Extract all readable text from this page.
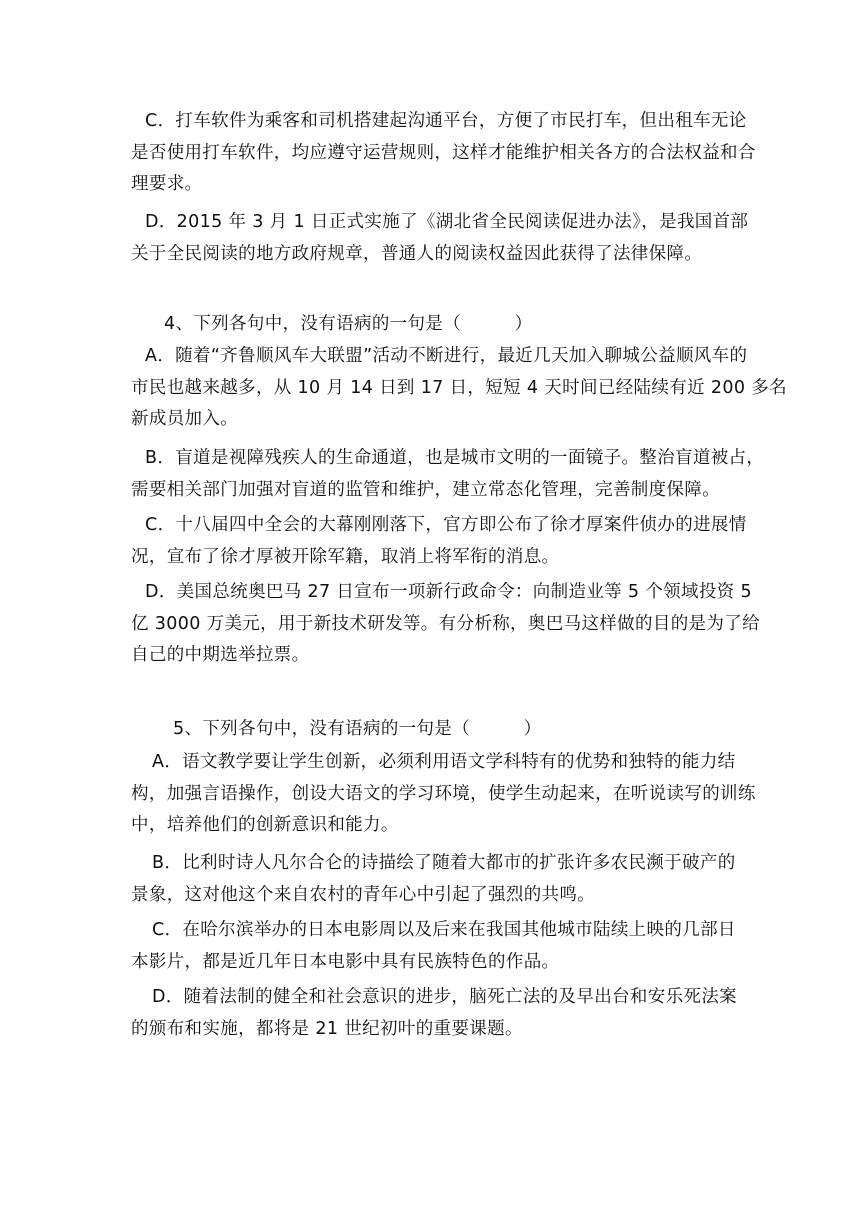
C．打车软件为乘客和司机搭建起沟通平台，方便了市民打车，但出租车无论
是否使用打车软件，均应遵守运营规则，这样才能维护相关各方的合法权益和合
理要求。
D．2015 年 3 月 1 日正式实施了《湖北省全民阅读促进办法》，是我国首部
关于全民阅读的地方政府规章，普通人的阅读权益因此获得了法律保障。
4、下列各句中，没有语病的一句是（　　　）
A．随着“齐鲁顺风车大联盟”活动不断进行，最近几天加入聊城公益顺风车的
市民也越来越多，从 10 月 14 日到 17 日，短短 4 天时间已经陆续有近 200 多名
新成员加入。
B．盲道是视障残疾人的生命通道，也是城市文明的一面镜子。整治盲道被占，
需要相关部门加强对盲道的监管和维护，建立常态化管理，完善制度保障。
C．十八届四中全会的大幕刚刚落下，官方即公布了徐才厚案件侦办的进展情
况，宣布了徐才厚被开除军籍，取消上将军衔的消息。
D．美国总统奥巴马 27 日宣布一项新行政命令：向制造业等 5 个领域投资 5
亿 3000 万美元，用于新技术研发等。有分析称，奥巴马这样做的目的是为了给
自己的中期选举拉票。
5、下列各句中，没有语病的一句是（　　　）
A．语文教学要让学生创新，必须利用语文学科特有的优势和独特的能力结
构，加强言语操作，创设大语文的学习环境，使学生动起来，在听说读写的训练
中，培养他们的创新意识和能力。
B．比利时诗人凡尔合仑的诗描绘了随着大都市的扩张许多农民濒于破产的
景象，这对他这个来自农村的青年心中引起了强烈的共鸣。
C．在哈尔滨举办的日本电影周以及后来在我国其他城市陆续上映的几部日
本影片，都是近几年日本电影中具有民族特色的作品。
D．随着法制的健全和社会意识的进步，脑死亡法的及早出台和安乐死法案
的颁布和实施，都将是 21 世纪初叶的重要课题。
